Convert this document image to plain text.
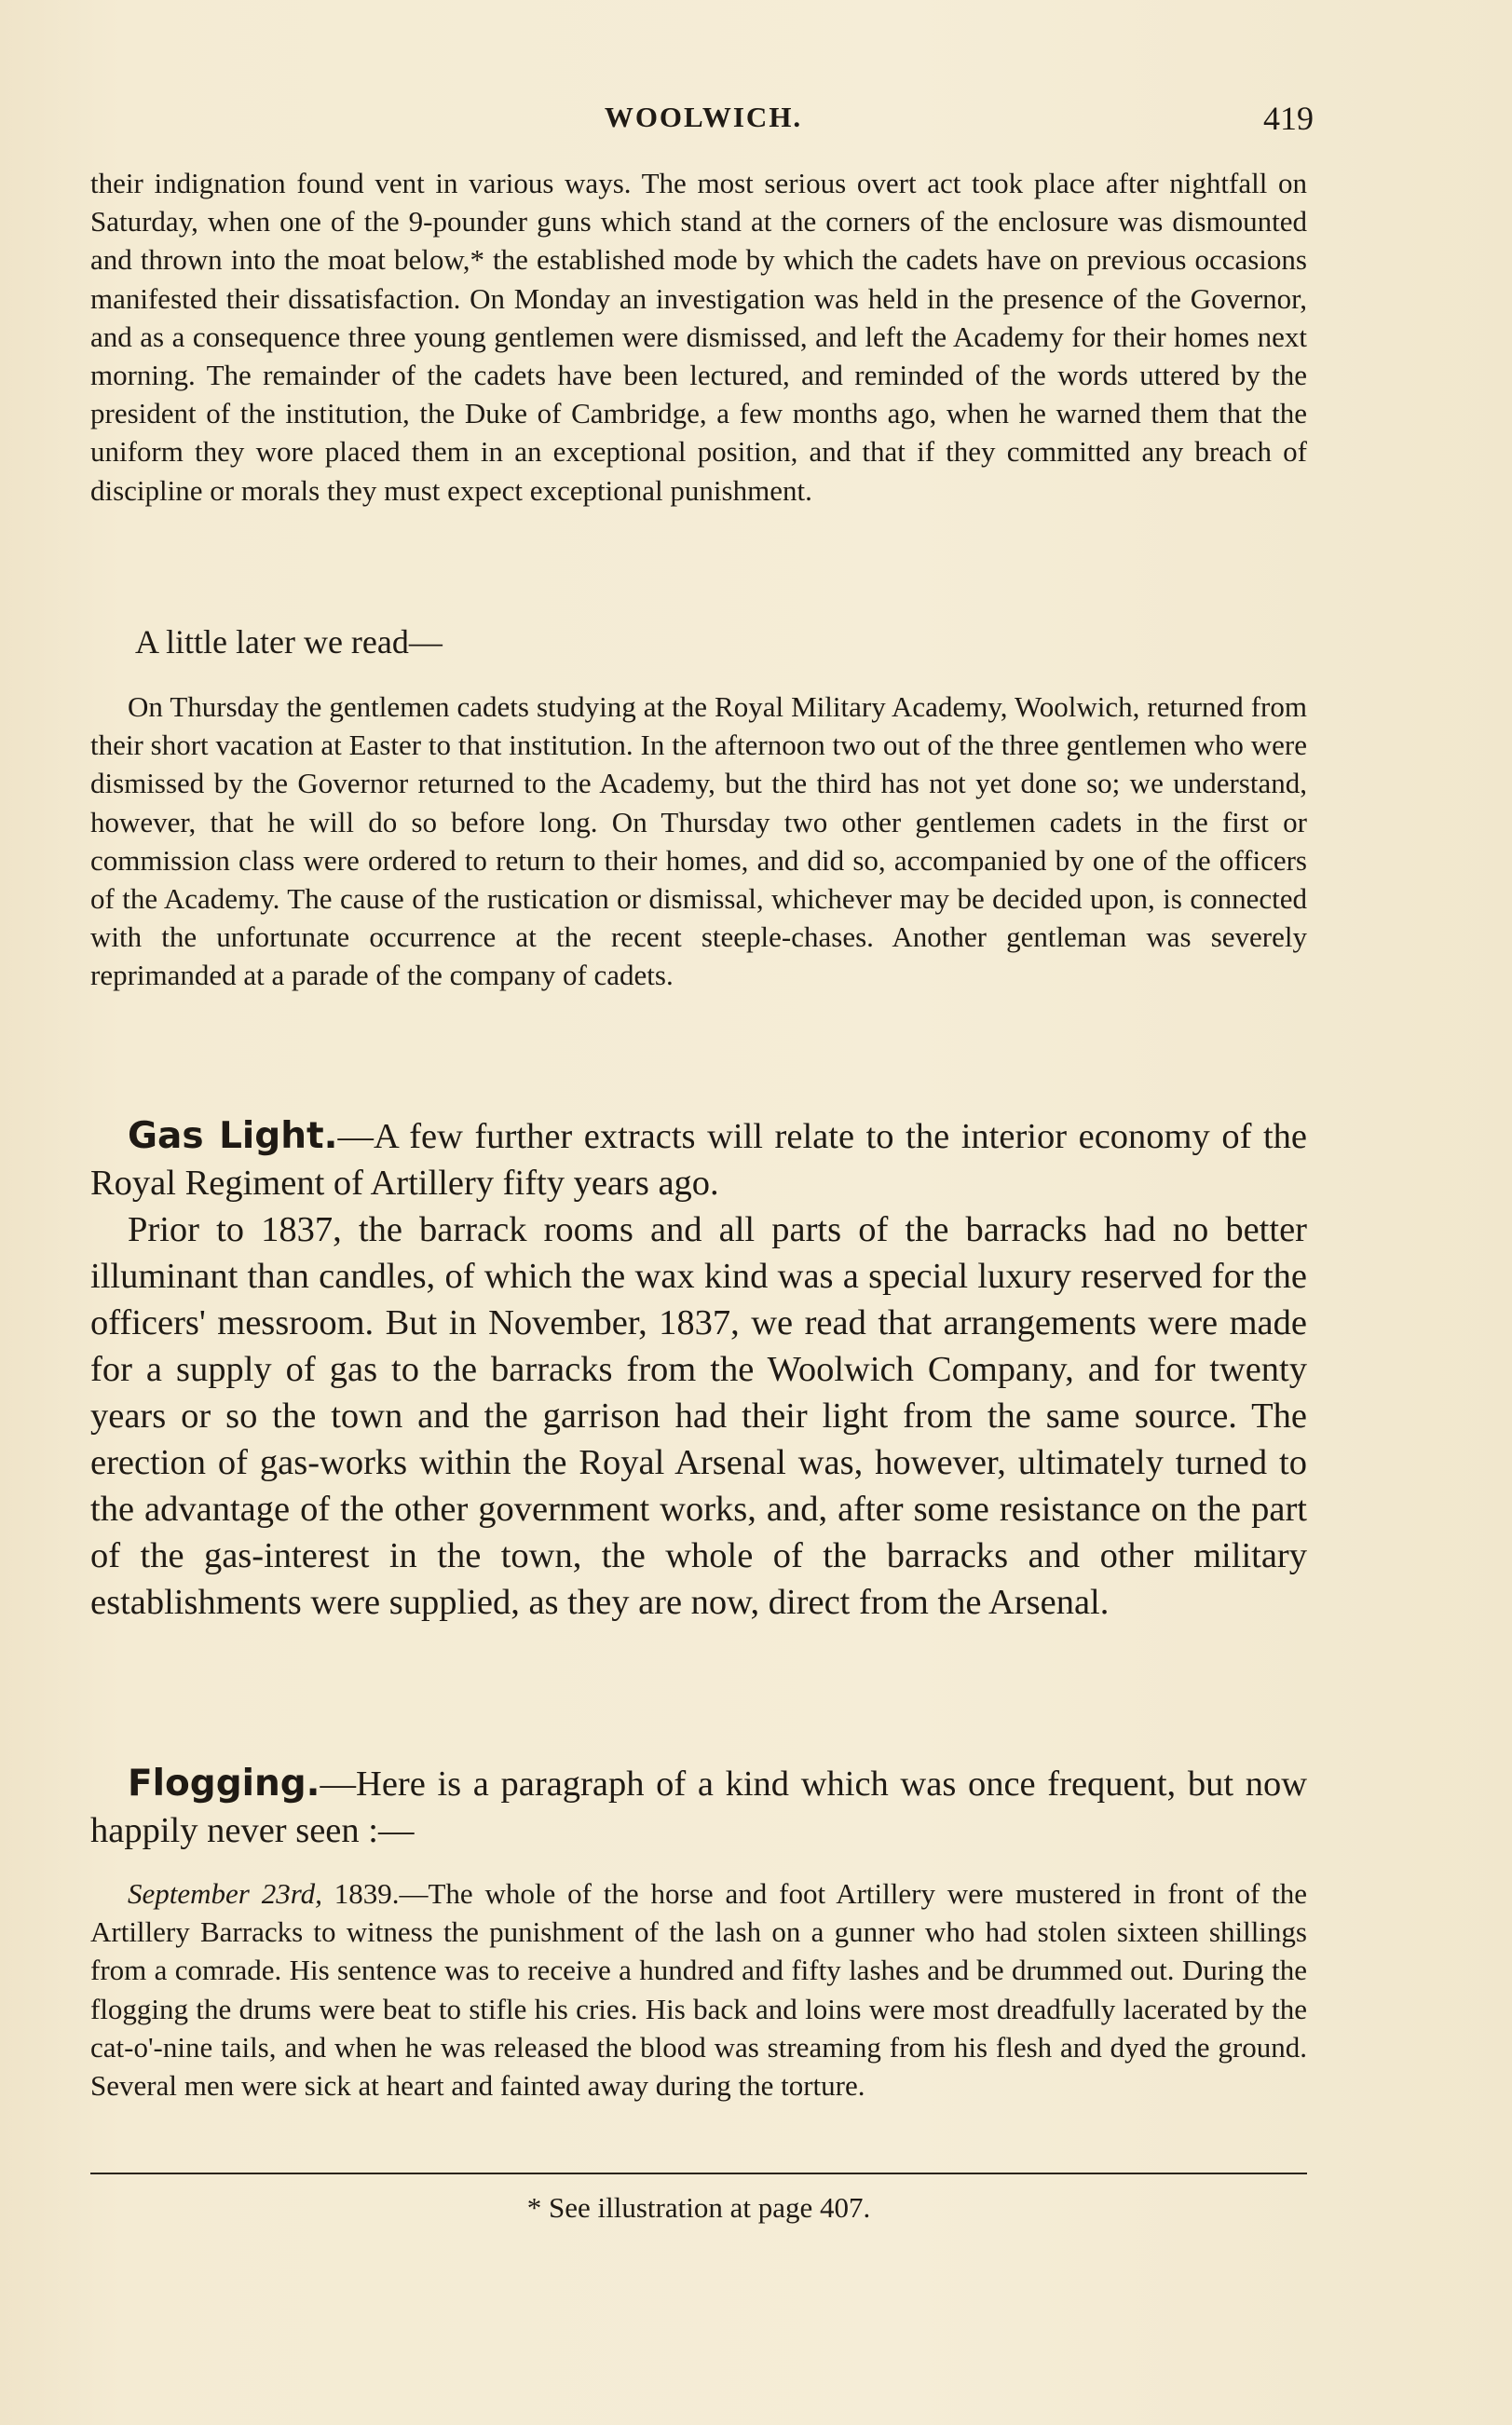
WOOLWICH.	419

their indignation found vent in various ways. The most serious overt act took place after nightfall on Saturday, when one of the 9-pounder guns which stand at the corners of the enclosure was dismounted and thrown into the moat below,* the established mode by which the cadets have on previous occasions manifested their dissatisfaction. On Monday an investigation was held in the presence of the Governor, and as a consequence three young gentlemen were dismissed, and left the Academy for their homes next morning. The remainder of the cadets have been lectured, and reminded of the words uttered by the president of the institution, the Duke of Cambridge, a few months ago, when he warned them that the uniform they wore placed them in an exceptional position, and that if they committed any breach of discipline or morals they must expect exceptional punishment.

A little later we read—

On Thursday the gentlemen cadets studying at the Royal Military Academy, Woolwich, returned from their short vacation at Easter to that institution. In the afternoon two out of the three gentlemen who were dismissed by the Governor returned to the Academy, but the third has not yet done so; we understand, however, that he will do so before long. On Thursday two other gentlemen cadets in the first or commission class were ordered to return to their homes, and did so, accompanied by one of the officers of the Academy. The cause of the rustication or dismissal, whichever may be decided upon, is connected with the unfortunate occurrence at the recent steeple-chases. Another gentleman was severely reprimanded at a parade of the company of cadets.

Gas Light.—A few further extracts will relate to the interior economy of the Royal Regiment of Artillery fifty years ago.

Prior to 1837, the barrack rooms and all parts of the barracks had no better illuminant than candles, of which the wax kind was a special luxury reserved for the officers' messroom. But in November, 1837, we read that arrangements were made for a supply of gas to the barracks from the Woolwich Company, and for twenty years or so the town and the garrison had their light from the same source. The erection of gas-works within the Royal Arsenal was, however, ultimately turned to the advantage of the other government works, and, after some resistance on the part of the gas-interest in the town, the whole of the barracks and other military establishments were supplied, as they are now, direct from the Arsenal.

Flogging.—Here is a paragraph of a kind which was once frequent, but now happily never seen :—

September 23rd, 1839.—The whole of the horse and foot Artillery were mustered in front of the Artillery Barracks to witness the punishment of the lash on a gunner who had stolen sixteen shillings from a comrade. His sentence was to receive a hundred and fifty lashes and be drummed out. During the flogging the drums were beat to stifle his cries. His back and loins were most dreadfully lacerated by the cat-o'-nine tails, and when he was released the blood was streaming from his flesh and dyed the ground. Several men were sick at heart and fainted away during the torture.

* See illustration at page 407.
